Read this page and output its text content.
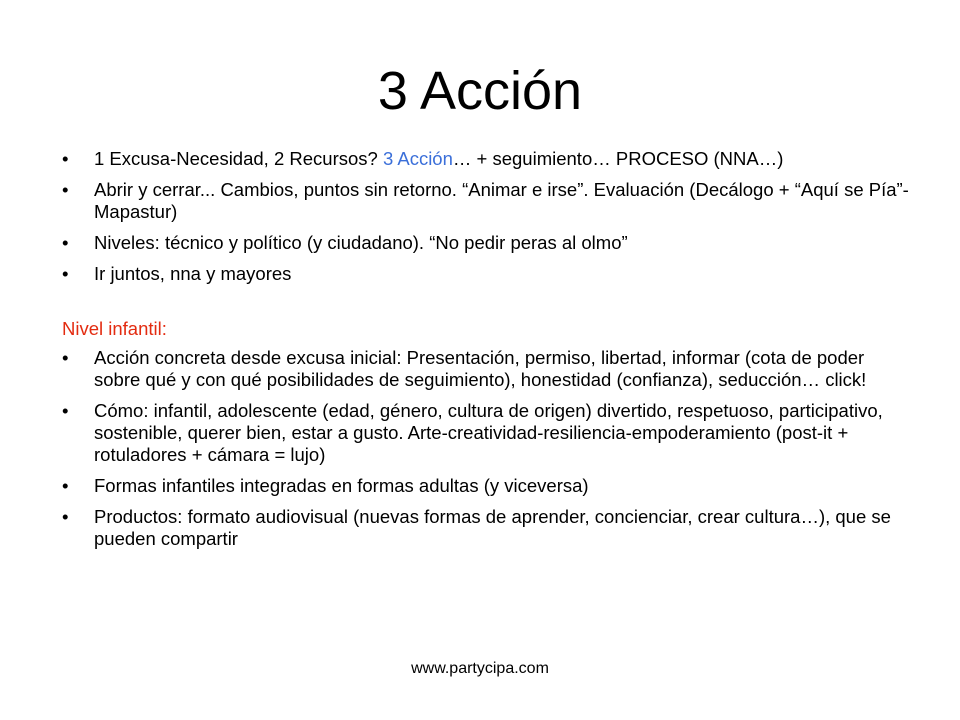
3 Acción
• 1 Excusa-Necesidad, 2 Recursos? 3 Acción… + seguimiento… PROCESO (NNA…)
• Abrir y cerrar... Cambios, puntos sin retorno. “Animar e irse”. Evaluación (Decálogo + “Aquí se Pía”-Mapastur)
• Niveles: técnico y político (y ciudadano). “No pedir peras al olmo”
• Ir juntos, nna y mayores
Nivel infantil:
• Acción concreta desde excusa inicial: Presentación, permiso, libertad, informar (cota de poder sobre qué y con qué posibilidades de seguimiento), honestidad (confianza), seducción… click!
• Cómo: infantil, adolescente (edad, género, cultura de origen) divertido, respetuoso, participativo, sostenible, querer bien, estar a gusto. Arte-creatividad-resiliencia-empoderamiento (post-it + rotuladores + cámara = lujo)
• Formas infantiles integradas en formas adultas (y viceversa)
• Productos: formato audiovisual (nuevas formas de aprender, concienciar, crear cultura…), que se pueden compartir
www.partycipa.com
